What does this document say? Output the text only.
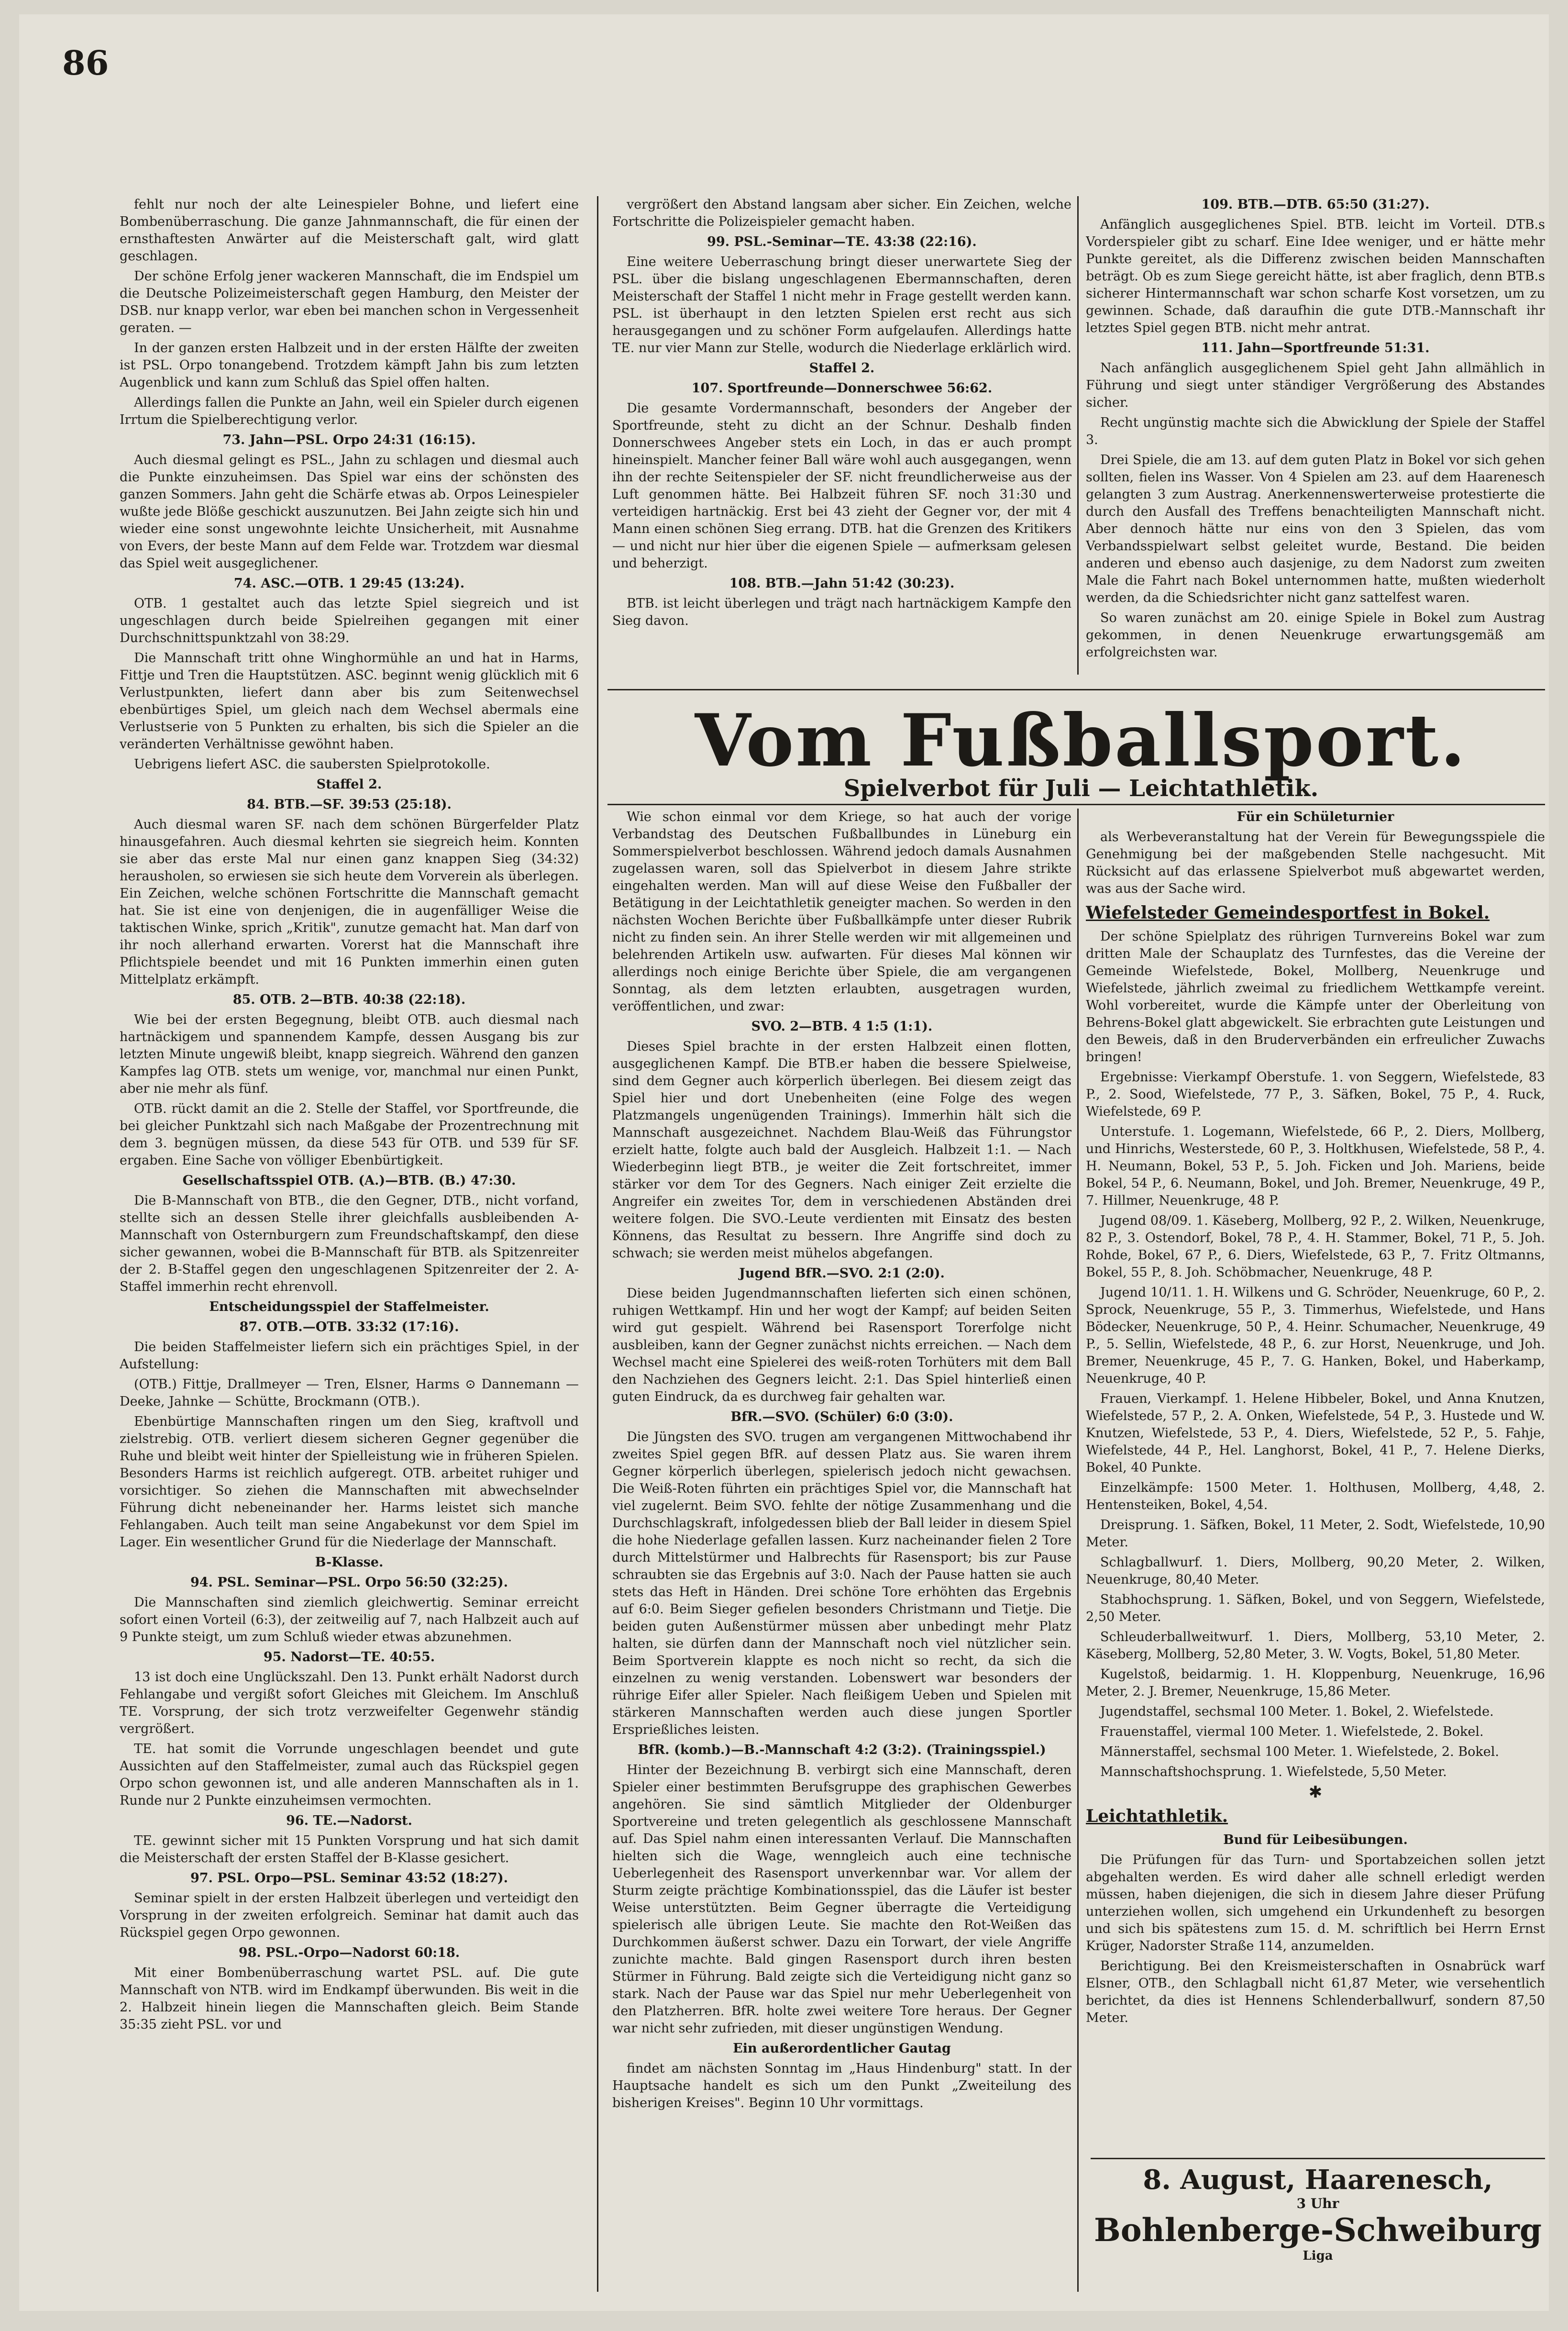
86

fehlt nur noch der alte Leinespieler Bohne, und liefert eine Bombenüberraschung. Die ganze Jahnmannschaft, die für einen der ernsthaftesten Anwärter auf die Meisterschaft galt, wird glatt geschlagen.

Der schöne Erfolg jener wackeren Mannschaft, die im Endspiel um die Deutsche Polizeimeisterschaft gegen Hamburg, den Meister der DSB. nur knapp verlor, war eben bei manchen schon in Vergessenheit geraten. —

In der ganzen ersten Halbzeit und in der ersten Hälfte der zweiten ist PSL. Orpo tonangebend. Trotzdem kämpft Jahn bis zum letzten Augenblick und kann zum Schluß das Spiel offen halten.

Allerdings fallen die Punkte an Jahn, weil ein Spieler durch eigenen Irrtum die Spielberechtigung verlor.

73. Jahn—PSL. Orpo 24:31 (16:15).

Auch diesmal gelingt es PSL., Jahn zu schlagen und diesmal auch die Punkte einzuheimsen. Das Spiel war eins der schönsten des ganzen Sommers. Jahn geht die Schärfe etwas ab. Orpos Leinespieler wußte jede Blöße geschickt auszunutzen. Bei Jahn zeigte sich hin und wieder eine sonst ungewohnte leichte Unsicherheit, mit Ausnahme von Evers, der beste Mann auf dem Felde war. Trotzdem war diesmal das Spiel weit ausgeglichener.

74. ASC.—OTB. 1 29:45 (13:24).

OTB. 1 gestaltet auch das letzte Spiel siegreich und ist ungeschlagen durch beide Spielreihen gegangen mit einer Durchschnittspunktzahl von 38:29.

Die Mannschaft tritt ohne Winghormühle an und hat in Harms, Fittje und Tren die Hauptstützen. ASC. beginnt wenig glücklich mit 6 Verlustpunkten, liefert dann aber bis zum Seitenwechsel ebenbürtiges Spiel, um gleich nach dem Wechsel abermals eine Verlustserie von 5 Punkten zu erhalten, bis sich die Spieler an die veränderten Verhältnisse gewöhnt haben.

Uebrigens liefert ASC. die saubersten Spielprotokolle.

Staffel 2.

84. BTB.—SF. 39:53 (25:18).

Auch diesmal waren SF. nach dem schönen Bürgerfelder Platz hinausgefahren. Auch diesmal kehrten sie siegreich heim. Konnten sie aber das erste Mal nur einen ganz knappen Sieg (34:32) herausholen, so erwiesen sie sich heute dem Vorverein als überlegen. Ein Zeichen, welche schönen Fortschritte die Mannschaft gemacht hat. Sie ist eine von denjenigen, die in augenfälliger Weise die taktischen Winke, sprich „Kritik", zunutze gemacht hat. Man darf von ihr noch allerhand erwarten. Vorerst hat die Mannschaft ihre Pflichtspiele beendet und mit 16 Punkten immerhin einen guten Mittelplatz erkämpft.

85. OTB. 2—BTB. 40:38 (22:18).

Wie bei der ersten Begegnung, bleibt OTB. auch diesmal nach hartnäckigem und spannendem Kampfe, dessen Ausgang bis zur letzten Minute ungewiß bleibt, knapp siegreich. Während den ganzen Kampfes lag OTB. stets um wenige, vor, manchmal nur einen Punkt, aber nie mehr als fünf.

OTB. rückt damit an die 2. Stelle der Staffel, vor Sportfreunde, die bei gleicher Punktzahl sich nach Maßgabe der Prozentrechnung mit dem 3. begnügen müssen, da diese 543 für OTB. und 539 für SF. ergaben. Eine Sache von völliger Ebenbürtigkeit.

Gesellschaftsspiel OTB. (A.)—BTB. (B.) 47:30.

Die B-Mannschaft von BTB., die den Gegner, DTB., nicht vorfand, stellte sich an dessen Stelle ihrer gleichfalls ausbleibenden A-Mannschaft von Osternburgern zum Freundschaftskampf, den diese sicher gewannen, wobei die B-Mannschaft für BTB. als Spitzenreiter der 2. B-Staffel gegen den ungeschlagenen Spitzenreiter der 2. A-Staffel immerhin recht ehrenvoll.

Entscheidungsspiel der Staffelmeister.

87. OTB.—OTB. 33:32 (17:16).

Die beiden Staffelmeister liefern sich ein prächtiges Spiel, in der Aufstellung:

(OTB.) Fittje, Drallmeyer — Tren, Elsner, Harms ⊙ Dannemann — Deeke, Jahnke — Schütte, Brockmann (OTB.).

Ebenbürtige Mannschaften ringen um den Sieg, kraftvoll und zielstrebig. OTB. verliert diesem sicheren Gegner gegenüber die Ruhe und bleibt weit hinter der Spielleistung wie in früheren Spielen. Besonders Harms ist reichlich aufgeregt. OTB. arbeitet ruhiger und vorsichtiger. So ziehen die Mannschaften mit abwechselnder Führung dicht nebeneinander her. Harms leistet sich manche Fehlangaben. Auch teilt man seine Angabekunst vor dem Spiel im Lager. Ein wesentlicher Grund für die Niederlage der Mannschaft.

B-Klasse.

94. PSL. Seminar—PSL. Orpo 56:50 (32:25).

Die Mannschaften sind ziemlich gleichwertig. Seminar erreicht sofort einen Vorteil (6:3), der zeitweilig auf 7, nach Halbzeit auch auf 9 Punkte steigt, um zum Schluß wieder etwas abzunehmen.

95. Nadorst—TE. 40:55.

13 ist doch eine Unglückszahl. Den 13. Punkt erhält Nadorst durch Fehlangabe und vergißt sofort Gleiches mit Gleichem. Im Anschluß TE. Vorsprung, der sich trotz verzweifelter Gegenwehr ständig vergrößert.

TE. hat somit die Vorrunde ungeschlagen beendet und gute Aussichten auf den Staffelmeister, zumal auch das Rückspiel gegen Orpo schon gewonnen ist, und alle anderen Mannschaften als in 1. Runde nur 2 Punkte einzuheimsen vermochten.

96. TE.—Nadorst.

TE. gewinnt sicher mit 15 Punkten Vorsprung und hat sich damit die Meisterschaft der ersten Staffel der B-Klasse gesichert.

97. PSL. Orpo—PSL. Seminar 43:52 (18:27).

Seminar spielt in der ersten Halbzeit überlegen und verteidigt den Vorsprung in der zweiten erfolgreich. Seminar hat damit auch das Rückspiel gegen Orpo gewonnen.

98. PSL.-Orpo—Nadorst 60:18.

Mit einer Bombenüberraschung wartet PSL. auf. Die gute Mannschaft von NTB. wird im Endkampf überwunden. Bis weit in die 2. Halbzeit hinein liegen die Mannschaften gleich. Beim Stande 35:35 zieht PSL. vor und

vergrößert den Abstand langsam aber sicher. Ein Zeichen, welche Fortschritte die Polizeispieler gemacht haben.

99. PSL.-Seminar—TE. 43:38 (22:16).

Eine weitere Ueberraschung bringt dieser unerwartete Sieg der PSL. über die bislang ungeschlagenen Ebermannschaften, deren Meisterschaft der Staffel 1 nicht mehr in Frage gestellt werden kann. PSL. ist überhaupt in den letzten Spielen erst recht aus sich herausgegangen und zu schöner Form aufgelaufen. Allerdings hatte TE. nur vier Mann zur Stelle, wodurch die Niederlage erklärlich wird.

Staffel 2.

107. Sportfreunde—Donnerschwee 56:62.

Die gesamte Vordermannschaft, besonders der Angeber der Sportfreunde, steht zu dicht an der Schnur. Deshalb finden Donnerschwees Angeber stets ein Loch, in das er auch prompt hineinspielt. Mancher feiner Ball wäre wohl auch ausgegangen, wenn ihn der rechte Seitenspieler der SF. nicht freundlicherweise aus der Luft genommen hätte. Bei Halbzeit führen SF. noch 31:30 und verteidigen hartnäckig. Erst bei 43 zieht der Gegner vor, der mit 4 Mann einen schönen Sieg errang. DTB. hat die Grenzen des Kritikers — und nicht nur hier über die eigenen Spiele — aufmerksam gelesen und beherzigt.

108. BTB.—Jahn 51:42 (30:23).

BTB. ist leicht überlegen und trägt nach hartnäckigem Kampfe den Sieg davon.

109. BTB.—DTB. 65:50 (31:27).

Anfänglich ausgeglichenes Spiel. BTB. leicht im Vorteil. DTB.s Vorderspieler gibt zu scharf. Eine Idee weniger, und er hätte mehr Punkte gereitet, als die Differenz zwischen beiden Mannschaften beträgt. Ob es zum Siege gereicht hätte, ist aber fraglich, denn BTB.s sicherer Hintermannschaft war schon scharfe Kost vorsetzen, um zu gewinnen. Schade, daß daraufhin die gute DTB.-Mannschaft ihr letztes Spiel gegen BTB. nicht mehr antrat.

111. Jahn—Sportfreunde 51:31.

Nach anfänglich ausgeglichenem Spiel geht Jahn allmählich in Führung und siegt unter ständiger Vergrößerung des Abstandes sicher.

Recht ungünstig machte sich die Abwicklung der Spiele der Staffel 3.

Drei Spiele, die am 13. auf dem guten Platz in Bokel vor sich gehen sollten, fielen ins Wasser. Von 4 Spielen am 23. auf dem Haarenesch gelangten 3 zum Austrag. Anerkennenswerterweise protestierte die durch den Ausfall des Treffens benachteiligten Mannschaft nicht. Aber dennoch hätte nur eins von den 3 Spielen, das vom Verbandsspielwart selbst geleitet wurde, Bestand. Die beiden anderen und ebenso auch dasjenige, zu dem Nadorst zum zweiten Male die Fahrt nach Bokel unternommen hatte, mußten wiederholt werden, da die Schiedsrichter nicht ganz sattelfest waren.

So waren zunächst am 20. einige Spiele in Bokel zum Austrag gekommen, in denen Neuenkruge erwartungsgemäß am erfolgreichsten war.

Vom Fußballsport.
Spielverbot für Juli — Leichtathletik.

Wie schon einmal vor dem Kriege, so hat auch der vorige Verbandstag des Deutschen Fußballbundes in Lüneburg ein Sommerspielverbot beschlossen. Während jedoch damals Ausnahmen zugelassen waren, soll das Spielverbot in diesem Jahre strikte eingehalten werden. Man will auf diese Weise den Fußballer der Betätigung in der Leichtathletik geneigter machen. So werden in den nächsten Wochen Berichte über Fußballkämpfe unter dieser Rubrik nicht zu finden sein. An ihrer Stelle werden wir mit allgemeinen und belehrenden Artikeln usw. aufwarten. Für dieses Mal können wir allerdings noch einige Berichte über Spiele, die am vergangenen Sonntag, als dem letzten erlaubten, ausgetragen wurden, veröffentlichen, und zwar:

SVO. 2—BTB. 4 1:5 (1:1).

Dieses Spiel brachte in der ersten Halbzeit einen flotten, ausgeglichenen Kampf. Die BTB.er haben die bessere Spielweise, sind dem Gegner auch körperlich überlegen. Bei diesem zeigt das Spiel hier und dort Unebenheiten (eine Folge des wegen Platzmangels ungenügenden Trainings). Immerhin hält sich die Mannschaft ausgezeichnet. Nachdem Blau-Weiß das Führungstor erzielt hatte, folgte auch bald der Ausgleich. Halbzeit 1:1. — Nach Wiederbeginn liegt BTB., je weiter die Zeit fortschreitet, immer stärker vor dem Tor des Gegners. Nach einiger Zeit erzielte die Angreifer ein zweites Tor, dem in verschiedenen Abständen drei weitere folgen. Die SVO.-Leute verdienten mit Einsatz des besten Könnens, das Resultat zu bessern. Ihre Angriffe sind doch zu schwach; sie werden meist mühelos abgefangen.

Jugend BfR.—SVO. 2:1 (2:0).

Diese beiden Jugendmannschaften lieferten sich einen schönen, ruhigen Wettkampf. Hin und her wogt der Kampf; auf beiden Seiten wird gut gespielt. Während bei Rasensport Torerfolge nicht ausbleiben, kann der Gegner zunächst nichts erreichen. — Nach dem Wechsel macht eine Spielerei des weiß-roten Torhüters mit dem Ball den Nachziehen des Gegners leicht. 2:1. Das Spiel hinterließ einen guten Eindruck, da es durchweg fair gehalten war.

BfR.—SVO. (Schüler) 6:0 (3:0).

Die Jüngsten des SVO. trugen am vergangenen Mittwochabend ihr zweites Spiel gegen BfR. auf dessen Platz aus. Sie waren ihrem Gegner körperlich überlegen, spielerisch jedoch nicht gewachsen. Die Weiß-Roten führten ein prächtiges Spiel vor, die Mannschaft hat viel zugelernt. Beim SVO. fehlte der nötige Zusammenhang und die Durchschlagskraft, infolgedessen blieb der Ball leider in diesem Spiel die hohe Niederlage gefallen lassen. Kurz nacheinander fielen 2 Tore durch Mittelstürmer und Halbrechts für Rasensport; bis zur Pause schraubten sie das Ergebnis auf 3:0. Nach der Pause hatten sie auch stets das Heft in Händen. Drei schöne Tore erhöhten das Ergebnis auf 6:0. Beim Sieger gefielen besonders Christmann und Tietje. Die beiden guten Außenstürmer müssen aber unbedingt mehr Platz halten, sie dürfen dann der Mannschaft noch viel nützlicher sein. Beim Sportverein klappte es noch nicht so recht, da sich die einzelnen zu wenig verstanden. Lobenswert war besonders der rührige Eifer aller Spieler. Nach fleißigem Ueben und Spielen mit stärkeren Mannschaften werden auch diese jungen Sportler Ersprießliches leisten.

BfR. (komb.)—B.-Mannschaft 4:2 (3:2). (Trainingsspiel.)

Hinter der Bezeichnung B. verbirgt sich eine Mannschaft, deren Spieler einer bestimmten Berufsgruppe des graphischen Gewerbes angehören. Sie sind sämtlich Mitglieder der Oldenburger Sportvereine und treten gelegentlich als geschlossene Mannschaft auf. Das Spiel nahm einen interessanten Verlauf. Die Mannschaften hielten sich die Wage, wenngleich auch eine technische Ueberlegenheit des Rasensport unverkennbar war. Vor allem der Sturm zeigte prächtige Kombinationsspiel, das die Läufer ist bester Weise unterstützten. Beim Gegner überragte die Verteidigung spielerisch alle übrigen Leute. Sie machte den Rot-Weißen das Durchkommen äußerst schwer. Dazu ein Torwart, der viele Angriffe zunichte machte. Bald gingen Rasensport durch ihren besten Stürmer in Führung. Bald zeigte sich die Verteidigung nicht ganz so stark. Nach der Pause war das Spiel nur mehr Ueberlegenheit von den Platzherren. BfR. holte zwei weitere Tore heraus. Der Gegner war nicht sehr zufrieden, mit dieser ungünstigen Wendung.

Ein außerordentlicher Gautag

findet am nächsten Sonntag im „Haus Hindenburg" statt. In der Hauptsache handelt es sich um den Punkt „Zweiteilung des bisherigen Kreises". Beginn 10 Uhr vormittags.

Für ein Schületurnier

als Werbeveranstaltung hat der Verein für Bewegungsspiele die Genehmigung bei der maßgebenden Stelle nachgesucht. Mit Rücksicht auf das erlassene Spielverbot muß abgewartet werden, was aus der Sache wird.

Wiefelsteder Gemeindesportfest in Bokel.

Der schöne Spielplatz des rührigen Turnvereins Bokel war zum dritten Male der Schauplatz des Turnfestes, das die Vereine der Gemeinde Wiefelstede, Bokel, Mollberg, Neuenkruge und Wiefelstede, jährlich zweimal zu friedlichem Wettkampfe vereint. Wohl vorbereitet, wurde die Kämpfe unter der Oberleitung von Behrens-Bokel glatt abgewickelt. Sie erbrachten gute Leistungen und den Beweis, daß in den Bruderverbänden ein erfreulicher Zuwachs bringen!

Ergebnisse: Vierkampf Oberstufe. 1. von Seggern, Wiefelstede, 83 P., 2. Sood, Wiefelstede, 77 P., 3. Säfken, Bokel, 75 P., 4. Ruck, Wiefelstede, 69 P.

Unterstufe. 1. Logemann, Wiefelstede, 66 P., 2. Diers, Mollberg, und Hinrichs, Westerstede, 60 P., 3. Holtkhusen, Wiefelstede, 58 P., 4. H. Neumann, Bokel, 53 P., 5. Joh. Ficken und Joh. Mariens, beide Bokel, 54 P., 6. Neumann, Bokel, und Joh. Bremer, Neuenkruge, 49 P., 7. Hillmer, Neuenkruge, 48 P.

Jugend 08/09. 1. Käseberg, Mollberg, 92 P., 2. Wilken, Neuenkruge, 82 P., 3. Ostendorf, Bokel, 78 P., 4. H. Stammer, Bokel, 71 P., 5. Joh. Rohde, Bokel, 67 P., 6. Diers, Wiefelstede, 63 P., 7. Fritz Oltmanns, Bokel, 55 P., 8. Joh. Schöbmacher, Neuenkruge, 48 P.

Jugend 10/11. 1. H. Wilkens und G. Schröder, Neuenkruge, 60 P., 2. Sprock, Neuenkruge, 55 P., 3. Timmerhus, Wiefelstede, und Hans Bödecker, Neuenkruge, 50 P., 4. Heinr. Schumacher, Neuenkruge, 49 P., 5. Sellin, Wiefelstede, 48 P., 6. zur Horst, Neuenkruge, und Joh. Bremer, Neuenkruge, 45 P., 7. G. Hanken, Bokel, und Haberkamp, Neuenkruge, 40 P.

Frauen, Vierkampf. 1. Helene Hibbeler, Bokel, und Anna Knutzen, Wiefelstede, 57 P., 2. A. Onken, Wiefelstede, 54 P., 3. Hustede und W. Knutzen, Wiefelstede, 53 P., 4. Diers, Wiefelstede, 52 P., 5. Fahje, Wiefelstede, 44 P., Hel. Langhorst, Bokel, 41 P., 7. Helene Dierks, Bokel, 40 Punkte.

Einzelkämpfe: 1500 Meter. 1. Holthusen, Mollberg, 4,48, 2. Hentensteiken, Bokel, 4,54.

Dreisprung. 1. Säfken, Bokel, 11 Meter, 2. Sodt, Wiefelstede, 10,90 Meter.

Schlagballwurf. 1. Diers, Mollberg, 90,20 Meter, 2. Wilken, Neuenkruge, 80,40 Meter.

Stabhochsprung. 1. Säfken, Bokel, und von Seggern, Wiefelstede, 2,50 Meter.

Schleuderballweitwurf. 1. Diers, Mollberg, 53,10 Meter, 2. Käseberg, Mollberg, 52,80 Meter, 3. W. Vogts, Bokel, 51,80 Meter.

Kugelstoß, beidarmig. 1. H. Kloppenburg, Neuenkruge, 16,96 Meter, 2. J. Bremer, Neuenkruge, 15,86 Meter.

Jugendstaffel, sechsmal 100 Meter. 1. Bokel, 2. Wiefelstede.

Frauenstaffel, viermal 100 Meter. 1. Wiefelstede, 2. Bokel.

Männerstaffel, sechsmal 100 Meter. 1. Wiefelstede, 2. Bokel.

Mannschaftshochsprung. 1. Wiefelstede, 5,50 Meter.

✱

Leichtathletik.

Bund für Leibesübungen.

Die Prüfungen für das Turn- und Sportabzeichen sollen jetzt abgehalten werden. Es wird daher alle schnell erledigt werden müssen, haben diejenigen, die sich in diesem Jahre dieser Prüfung unterziehen wollen, sich umgehend ein Urkundenheft zu besorgen und sich bis spätestens zum 15. d. M. schriftlich bei Herrn Ernst Krüger, Nadorster Straße 114, anzumelden.

Berichtigung. Bei den Kreismeisterschaften in Osnabrück warf Elsner, OTB., den Schlagball nicht 61,87 Meter, wie versehentlich berichtet, da dies ist Hennens Schlenderballwurf, sondern 87,50 Meter.

8. August, Haarenesch,
3 Uhr
Bohlenberge-Schweiburg
Liga
